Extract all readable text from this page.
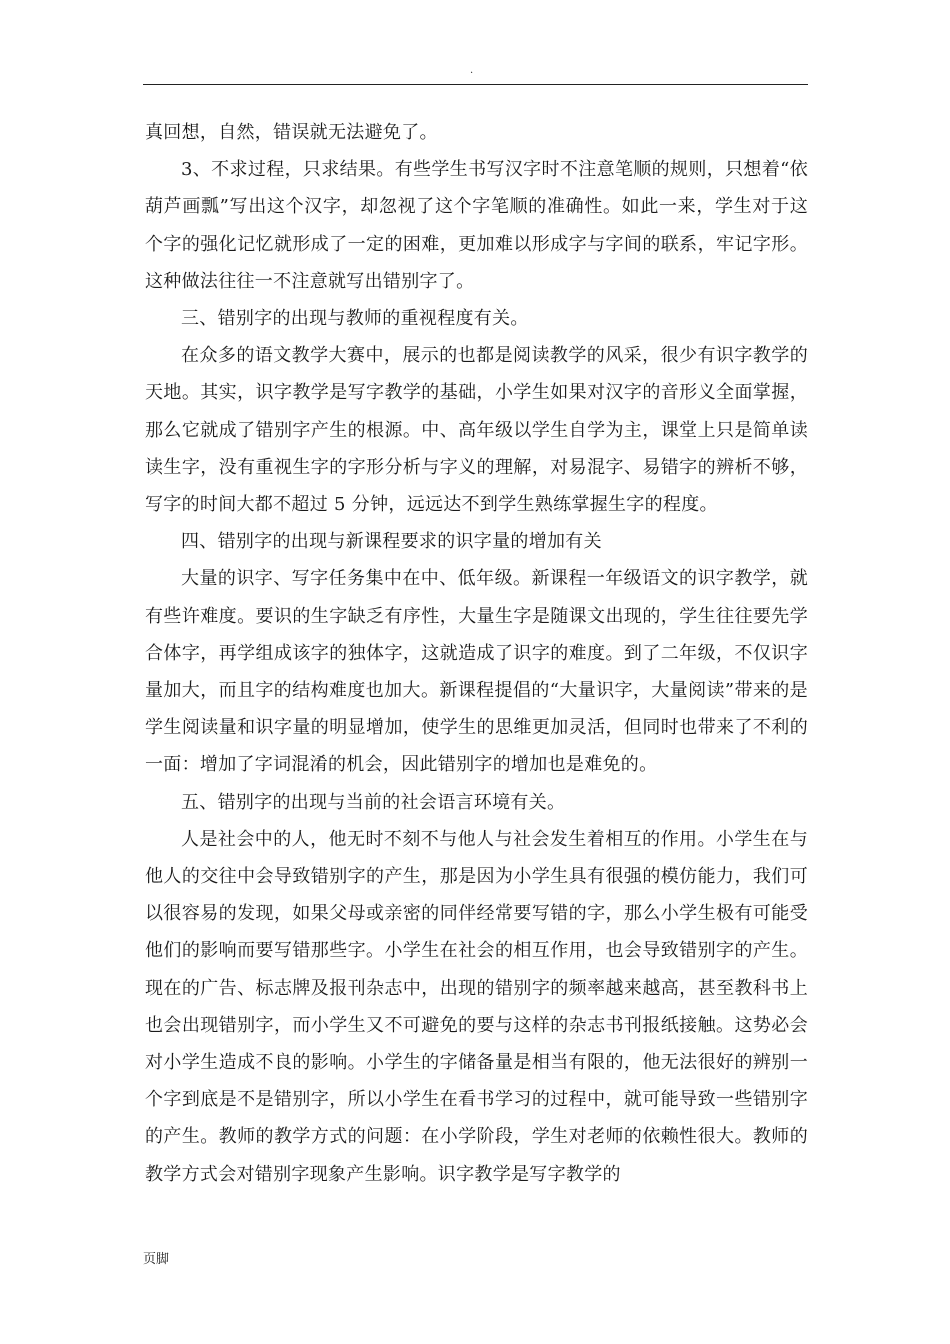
.

真回想，自然，错误就无法避免了。

3、不求过程，只求结果。有些学生书写汉字时不注意笔顺的规则，只想着“依葫芦画瓢”写出这个汉字，却忽视了这个字笔顺的准确性。如此一来，学生对于这个字的强化记忆就形成了一定的困难，更加难以形成字与字间的联系，牢记字形。这种做法往往一不注意就写出错别字了。

三、错别字的出现与教师的重视程度有关。

在众多的语文教学大赛中，展示的也都是阅读教学的风采，很少有识字教学的天地。其实，识字教学是写字教学的基础，小学生如果对汉字的音形义全面掌握，那么它就成了错别字产生的根源。中、高年级以学生自学为主，课堂上只是简单读读生字，没有重视生字的字形分析与字义的理解，对易混字、易错字的辨析不够，写字的时间大都不超过 5 分钟，远远达不到学生熟练掌握生字的程度。

四、错别字的出现与新课程要求的识字量的增加有关

大量的识字、写字任务集中在中、低年级。新课程一年级语文的识字教学，就有些许难度。要识的生字缺乏有序性，大量生字是随课文出现的，学生往往要先学合体字，再学组成该字的独体字，这就造成了识字的难度。到了二年级，不仅识字量加大，而且字的结构难度也加大。新课程提倡的“大量识字，大量阅读”带来的是学生阅读量和识字量的明显增加，使学生的思维更加灵活，但同时也带来了不利的一面：增加了字词混淆的机会，因此错别字的增加也是难免的。

五、错别字的出现与当前的社会语言环境有关。

人是社会中的人，他无时不刻不与他人与社会发生着相互的作用。小学生在与他人的交往中会导致错别字的产生，那是因为小学生具有很强的模仿能力，我们可以很容易的发现，如果父母或亲密的同伴经常要写错的字，那么小学生极有可能受他们的影响而要写错那些字。小学生在社会的相互作用，也会导致错别字的产生。现在的广告、标志牌及报刊杂志中，出现的错别字的频率越来越高，甚至教科书上也会出现错别字，而小学生又不可避免的要与这样的杂志书刊报纸接触。这势必会对小学生造成不良的影响。小学生的字储备量是相当有限的，他无法很好的辨别一个字到底是不是错别字，所以小学生在看书学习的过程中，就可能导致一些错别字的产生。教师的教学方式的问题：在小学阶段，学生对老师的依赖性很大。教师的教学方式会对错别字现象产生影响。识字教学是写字教学的

页脚
